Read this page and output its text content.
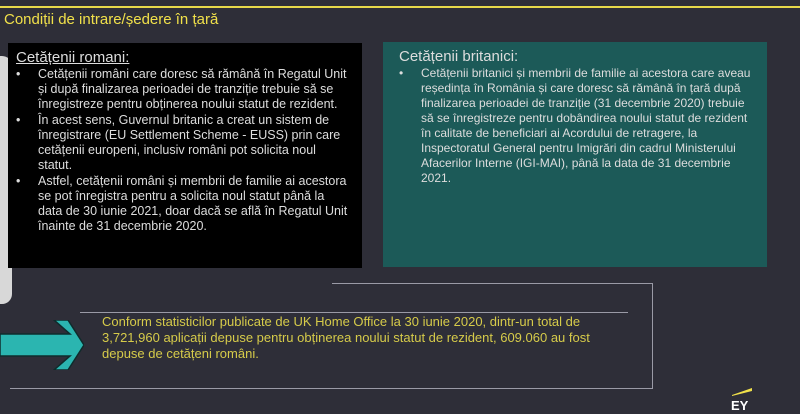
Condiții de intrare/ședere în țară
Cetățenii romani:
• Cetățenii români care doresc să rămână în Regatul Unit și după finalizarea perioadei de tranziție trebuie să se înregistreze pentru obținerea noului statut de rezident.
• În acest sens, Guvernul britanic a creat un sistem de înregistrare (EU Settlement Scheme - EUSS) prin care cetățenii europeni, inclusiv români pot solicita noul statut.
• Astfel, cetățenii români și membrii de familie ai acestora se pot înregistra pentru a solicita noul statut până la data de 30 iunie 2021, doar dacă se află în Regatul Unit înainte de 31 decembrie 2020.
Cetățenii britanici:
• Cetățenii britanici și membrii de familie ai acestora care aveau reședința în România și care doresc să rămână în țară după finalizarea perioadei de tranziție (31 decembrie 2020) trebuie să se înregistreze pentru dobândirea noului statut de rezident în calitate de beneficiari ai Acordului de retragere, la Inspectoratul General pentru Imigrări din cadrul Ministerului Afacerilor Interne (IGI-MAI), până la data de 31 decembrie 2021.
Conform statisticilor publicate de UK Home Office la 30 iunie 2020, dintr-un total de 3,721,960 aplicații depuse pentru obținerea noului statut de rezident, 609.060 au fost depuse de cetățeni români.
EY
